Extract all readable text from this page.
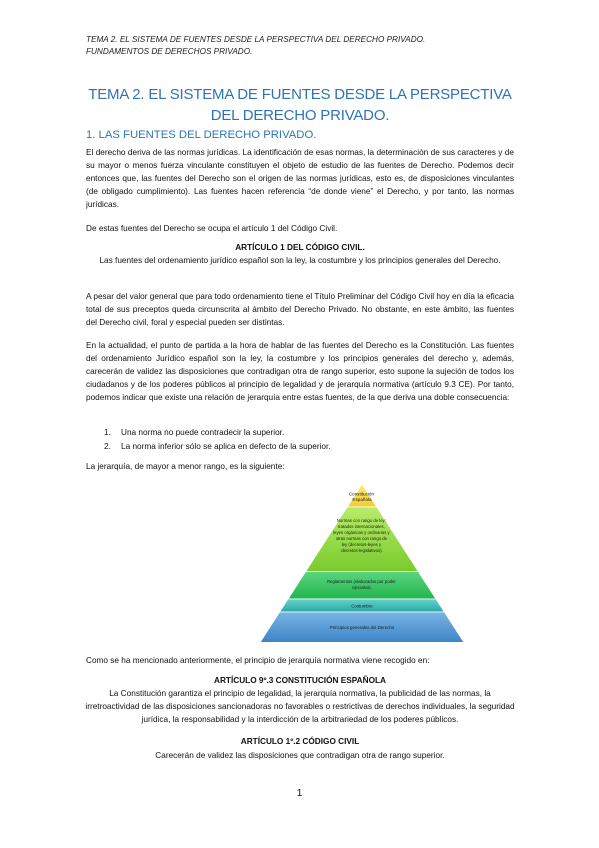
TEMA 2. EL SISTEMA DE FUENTES DESDE LA PERSPECTIVA DEL DERECHO PRIVADO.
FUNDAMENTOS DE DERECHOS PRIVADO.
TEMA 2. EL SISTEMA DE FUENTES DESDE LA PERSPECTIVA DEL DERECHO PRIVADO.
1. LAS FUENTES DEL DERECHO PRIVADO.
El derecho deriva de las normas jurídicas. La identificación de esas normas, la determinación de sus caracteres y de su mayor o menos fuerza vinculante constituyen el objeto de estudio de las fuentes de Derecho. Podemos decir entonces que, las fuentes del Derecho son el origen de las normas jurídicas, esto es, de disposiciones vinculantes (de obligado cumplimiento). Las fuentes hacen referencia “de donde viene” el Derecho, y por tanto, las normas jurídicas.
De estas fuentes del Derecho se ocupa el artículo 1 del Código Civil.
ARTÍCULO 1 DEL CÓDIGO CIVIL.
Las fuentes del ordenamiento jurídico español son la ley, la costumbre y los principios generales del Derecho.
A pesar del valor general que para todo ordenamiento tiene el Título Preliminar del Código Civil hoy en día la eficacia total de sus preceptos queda circunscrita al ámbito del Derecho Privado. No obstante, en este ámbito, las fuentes del Derecho civil, foral y especial pueden ser distintas.
En la actualidad, el punto de partida a la hora de hablar de las fuentes del Derecho es la Constitución. Las fuentes del ordenamiento Jurídico español son la ley, la costumbre y los principios generales del derecho y, además, carecerán de validez las disposiciones que contradigan otra de rango superior, esto supone la sujeción de todos los ciudadanos y de los poderes públicos al principio de legalidad y de jerarquía normativa (artículo 9.3 CE). Por tanto, podemos indicar que existe una relación de jerarquía entre estas fuentes, de la que deriva una doble consecuencia:
1.	Una norma no puede contradecir la superior.
2.	La norma inferior sólo se aplica en defecto de la superior.
La jerarquía, de mayor a menor rango, es la siguiente:
Constitución Española
Normas con rango de ley: tratados internacionales, leyes orgánicas y ordinarias y otras normas con rango de ley (decretos-leyes y decretos-legislativos).
Reglamentos (elaborados por poder ejecutivo).
Costumbre
Principios generales del Derecho
Como se ha mencionado anteriormente, el principio de jerarquía normativa viene recogido en:
ARTÍCULO 9º.3 CONSTITUCIÓN ESPAÑOLA
La Constitución garantiza el principio de legalidad, la jerarquía normativa, la publicidad de las normas, la irretroactividad de las disposiciones sancionadoras no favorables o restrictivas de derechos individuales, la seguridad jurídica, la responsabilidad y la interdicción de la arbitrariedad de los poderes públicos.
ARTÍCULO 1º.2 CÓDIGO CIVIL
Carecerán de validez las disposiciones que contradigan otra de rango superior.
1
